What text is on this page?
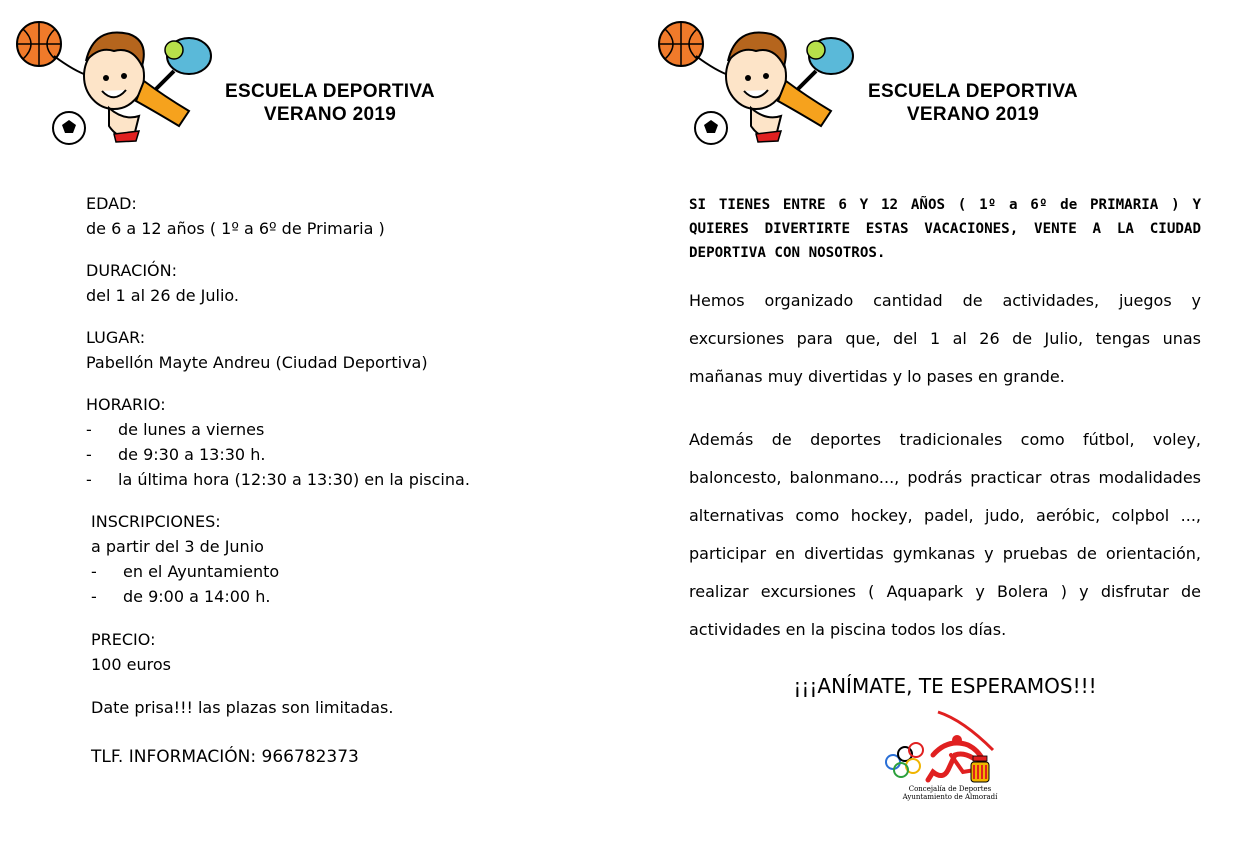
ESCUELA DEPORTIVA
VERANO 2019
EDAD:
de 6 a 12 años ( 1º a 6º de Primaria )
DURACIÓN:
del 1 al 26 de Julio.
LUGAR:
Pabellón Mayte Andreu (Ciudad Deportiva)
HORARIO:
-	de lunes a viernes
-	de 9:30 a 13:30 h.
-	la última hora (12:30 a 13:30) en la piscina.
INSCRIPCIONES:
a partir del 3 de Junio
-	en el Ayuntamiento
-	de 9:00 a 14:00 h.
PRECIO:
100 euros
Date prisa!!! las plazas son limitadas.
TLF. INFORMACIÓN: 966782373
ESCUELA DEPORTIVA
VERANO 2019
SI TIENES ENTRE 6 Y 12 AÑOS ( 1º a 6º de PRIMARIA ) Y QUIERES DIVERTIRTE ESTAS VACACIONES, VENTE A LA CIUDAD DEPORTIVA CON NOSOTROS.
Hemos organizado cantidad de actividades, juegos y
excursiones para que, del 1 al 26 de Julio, tengas unas
mañanas muy divertidas y lo pases en grande.
Además de deportes tradicionales como fútbol, voley,
baloncesto, balonmano..., podrás practicar otras modalidades
alternativas como hockey, padel, judo, aeróbic, colpbol ...,
participar en divertidas gymkanas y pruebas de orientación,
realizar excursiones ( Aquapark y Bolera ) y disfrutar de
actividades en la piscina todos los días.
¡¡¡ANÍMATE, TE ESPERAMOS!!!
Concejalía de Deportes
Ayuntamiento de Almoradí
